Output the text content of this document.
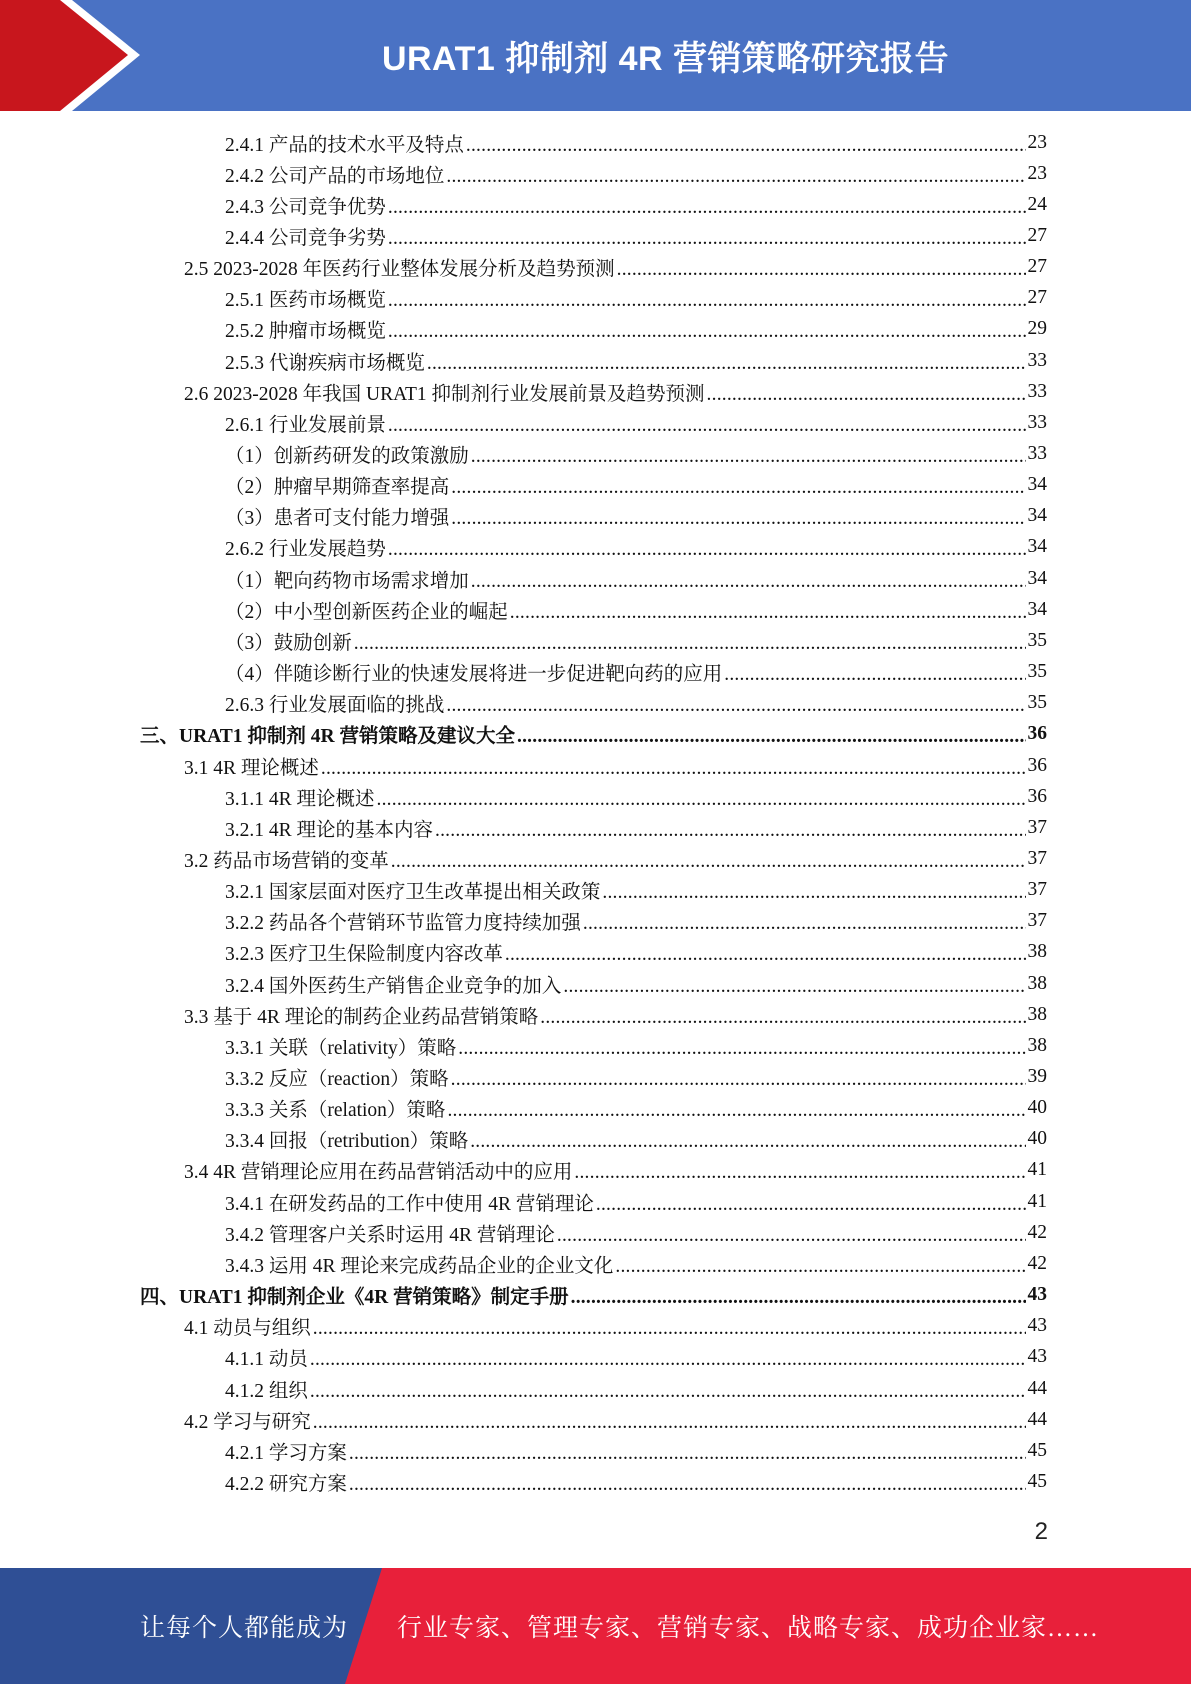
URAT1 抑制剂 4R 营销策略研究报告
2.4.1 产品的技术水平及特点 .....	23
2.4.2 公司产品的市场地位 .....	23
2.4.3 公司竞争优势 .....	24
2.4.4 公司竞争劣势 .....	27
2.5 2023-2028 年医药行业整体发展分析及趋势预测 .....	27
2.5.1 医药市场概览 .....	27
2.5.2 肿瘤市场概览 .....	29
2.5.3 代谢疾病市场概览 .....	33
2.6 2023-2028 年我国 URAT1 抑制剂行业发展前景及趋势预测 .....	33
2.6.1 行业发展前景 .....	33
（1）创新药研发的政策激励 .....	33
（2）肿瘤早期筛查率提高 .....	34
（3）患者可支付能力增强 .....	34
2.6.2 行业发展趋势 .....	34
（1）靶向药物市场需求增加 .....	34
（2）中小型创新医药企业的崛起 .....	34
（3）鼓励创新 .....	35
（4）伴随诊断行业的快速发展将进一步促进靶向药的应用 .....	35
2.6.3 行业发展面临的挑战 .....	35
三、URAT1 抑制剂 4R 营销策略及建议大全 .....	36
3.1 4R 理论概述 .....	36
3.1.1 4R 理论概述 .....	36
3.2.1 4R 理论的基本内容 .....	37
3.2 药品市场营销的变革 .....	37
3.2.1 国家层面对医疗卫生改革提出相关政策 .....	37
3.2.2 药品各个营销环节监管力度持续加强 .....	37
3.2.3 医疗卫生保险制度内容改革 .....	38
3.2.4 国外医药生产销售企业竞争的加入 .....	38
3.3 基于 4R 理论的制药企业药品营销策略 .....	38
3.3.1 关联（relativity）策略 .....	38
3.3.2 反应（reaction）策略 .....	39
3.3.3 关系（relation）策略 .....	40
3.3.4 回报（retribution）策略 .....	40
3.4 4R 营销理论应用在药品营销活动中的应用 .....	41
3.4.1 在研发药品的工作中使用 4R 营销理论 .....	41
3.4.2 管理客户关系时运用 4R 营销理论 .....	42
3.4.3 运用 4R 理论来完成药品企业的企业文化 .....	42
四、URAT1 抑制剂企业《4R 营销策略》制定手册 .....	43
4.1 动员与组织 .....	43
4.1.1 动员 .....	43
4.1.2 组织 .....	44
4.2 学习与研究 .....	44
4.2.1 学习方案 .....	45
4.2.2 研究方案 .....	45
2
让每个人都能成为 行业专家、管理专家、营销专家、战略专家、成功企业家……
